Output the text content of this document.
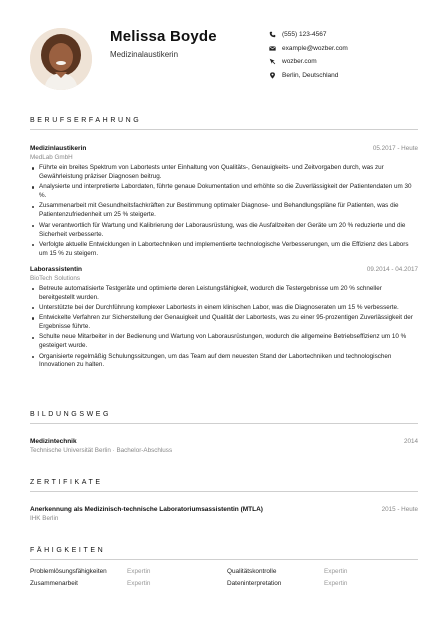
Melissa Boyde
Medizinalaustikerin
(555) 123-4567
example@wozber.com
wozber.com
Berlin, Deutschland
BERUFSERFAHRUNG
Medizinlaustikerin	05.2017 - Heute
MedLab GmbH
Führte ein breites Spektrum von Labortests unter Einhaltung von Qualitäts-, Genauigkeits- und Zeitvorgaben durch, was zur Gewährleistung präziser Diagnosen beitrug.
Analysierte und interpretierte Labordaten, führte genaue Dokumentation und erhöhte so die Zuverlässigkeit der Patientendaten um 30 %.
Zusammenarbeit mit Gesundheitsfachkräften zur Bestimmung optimaler Diagnose- und Behandlungspläne für Patienten, was die Patientenzufriedenheit um 25 % steigerte.
War verantwortlich für Wartung und Kalibrierung der Laborausrüstung, was die Ausfallzeiten der Geräte um 20 % reduzierte und die Sicherheit verbesserte.
Verfolgte aktuelle Entwicklungen in Labortechniken und implementierte technologische Verbesserungen, um die Effizienz des Labors um 15 % zu steigern.
Laborassistentin	09.2014 - 04.2017
BioTech Solutions
Betreute automatisierte Testgeräte und optimierte deren Leistungsfähigkeit, wodurch die Testergebnisse um 20 % schneller bereitgestellt wurden.
Unterstützte bei der Durchführung komplexer Labortests in einem klinischen Labor, was die Diagnoseraten um 15 % verbesserte.
Entwickelte Verfahren zur Sicherstellung der Genauigkeit und Qualität der Labortests, was zu einer 95-prozentigen Zuverlässigkeit der Ergebnisse führte.
Schulte neue Mitarbeiter in der Bedienung und Wartung von Laborausrüstungen, wodurch die allgemeine Betriebseffizienz um 10 % gesteigert wurde.
Organisierte regelmäßig Schulungssitzungen, um das Team auf dem neuesten Stand der Labortechniken und technologischen Innovationen zu halten.
BILDUNGSWEG
Medizintechnik	2014
Technische Universität Berlin · Bachelor-Abschluss
ZERTIFIKATE
Anerkennung als Medizinisch-technische Laboratoriumsassistentin (MTLA)	2015 - Heute
IHK Berlin
FÄHIGKEITEN
Problemlösungsfähigkeiten	Expertin	Qualitätskontrolle	Expertin
Zusammenarbeit	Expertin	Dateninterpretation	Expertin
